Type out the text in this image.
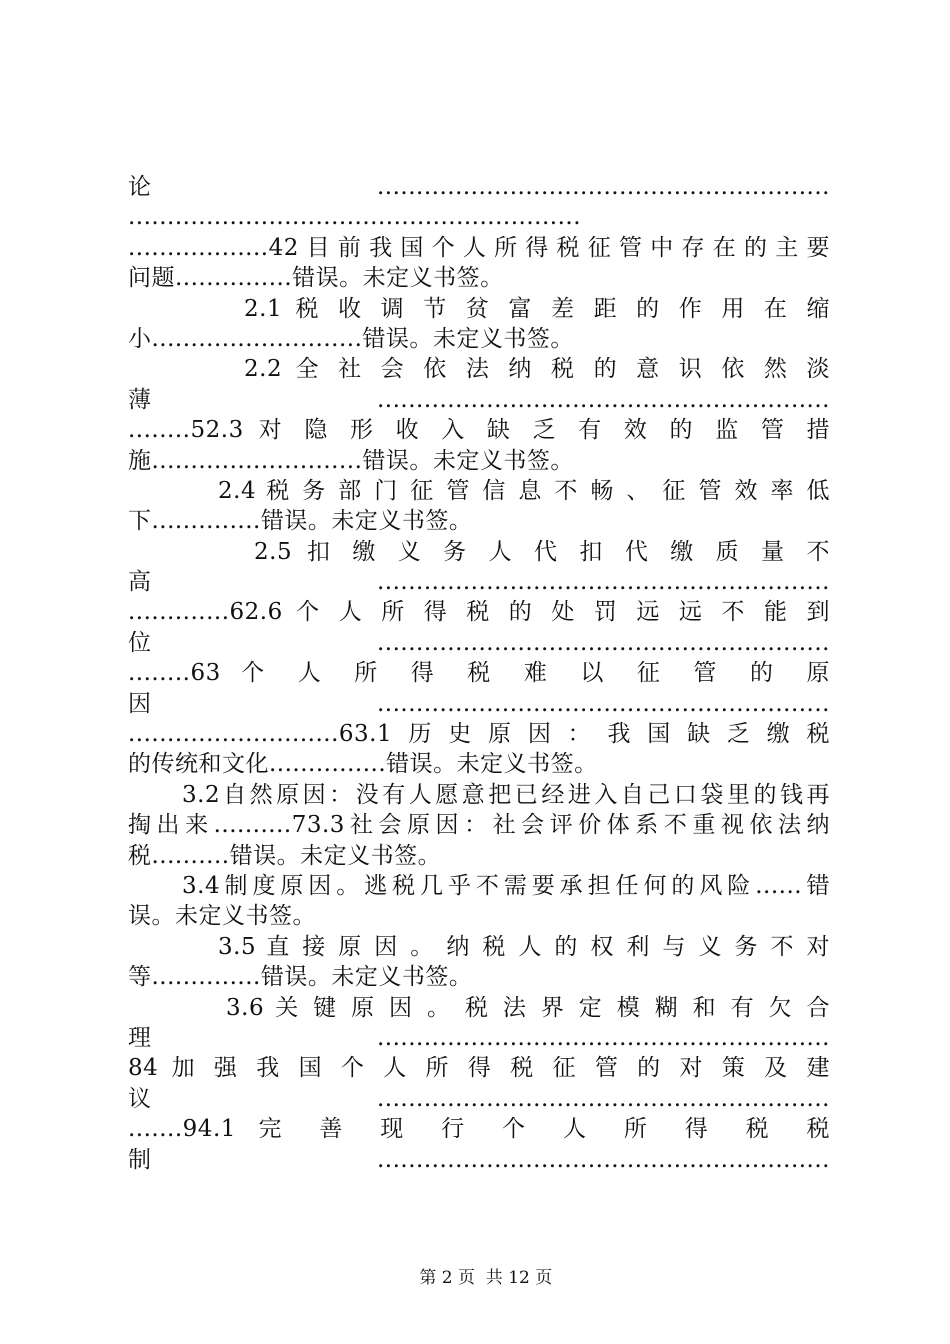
论..........................................................
..........................................................
..................42目前我国个人所得税征管中存在的主要
问题...............错误。未定义书签。
2.1 税 收 调 节 贫 富 差 距 的 作 用 在 缩
小...........................错误。未定义书签。
2.2 全 社 会 依 法 纳 税 的 意 识 依 然 淡
薄..........................................................
........52.3 对 隐 形 收 入 缺 乏 有 效 的 监 管 措
施...........................错误。未定义书签。
2.4 税 务 部 门 征 管 信 息 不 畅 、 征 管 效 率 低
下..............错误。未定义书签。
2.5 扣 缴 义 务 人 代 扣 代 缴 质 量 不
高..........................................................
.............62.6 个 人 所 得 税 的 处 罚 远 远 不 能 到
位..........................................................
........63 个 人 所 得 税 难 以 征 管 的 原
因..........................................................
...........................63.1历史原因：我国缺乏缴税
的传统和文化...............错误。未定义书签。
3.2自然原因：没有人愿意把已经进入自己口袋里的钱再
掏出来..........73.3社会原因：社会评价体系不重视依法纳
税..........错误。未定义书签。
3.4制度原因。逃税几乎不需要承担任何的风险......错
误。未定义书签。
3.5 直 接 原 因 。 纳 税 人 的 权 利 与 义 务 不 对
等..............错误。未定义书签。
3.6 关 键 原 因 。 税 法 界 定 模 糊 和 有 欠 合
理..........................................................
84 加 强 我 国 个 人 所 得 税 征 管 的 对 策 及 建
议..........................................................
.......94.1 完 善 现 行 个 人 所 得 税 税
制..........................................................

第 2 页  共 12 页
